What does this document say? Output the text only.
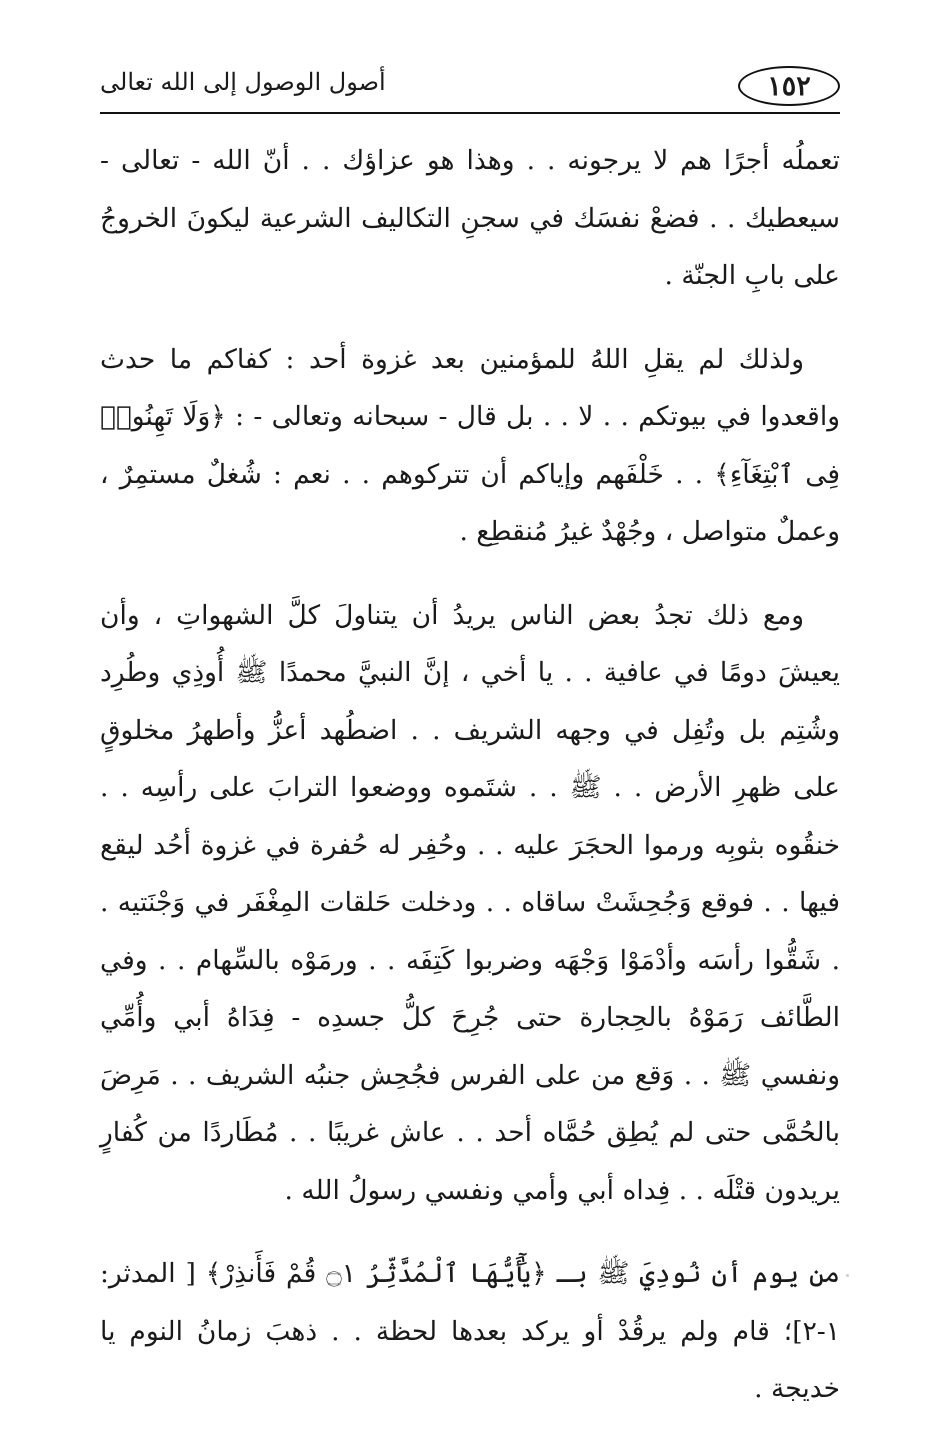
١٥٢
أصول الوصول إلى الله تعالى

تعملُه أجرًا هم لا يرجونه . . وهذا هو عزاؤك . . أنّ الله - تعالى - سيعطيك . . فضعْ نفسَك في سجنِ التكاليف الشرعية ليكونَ الخروجُ على بابِ الجنّة .

ولذلك لم يقلِ اللهُ للمؤمنين بعد غزوة أحد : كفاكم ما حدث واقعدوا في بيوتكم . . لا . . بل قال - سبحانه وتعالى - : ﴿وَلَا تَهِنُوا۟ فِى ٱبْتِغَآءِ﴾ . . خَلْفَهم وإياكم أن تتركوهم . . نعم : شُغلٌ مستمِرٌ ، وعملٌ متواصل ، وجُهْدٌ غيرُ مُنقطِع .

ومع ذلك تجدُ بعض الناس يريدُ أن يتناولَ كلَّ الشهواتِ ، وأن يعيشَ دومًا في عافية . . يا أخي ، إنَّ النبيَّ محمدًا ﷺ أُوذِي وطُرِد وشُتِم بل وتُفِل في وجهه الشريف . . اضطُهد أعزُّ وأطهرُ مخلوقٍ على ظهرِ الأرض . . ﷺ . . شتَموه ووضعوا الترابَ على رأسِه . . خنقُوه بثوبِه ورموا الحجَرَ عليه . . وحُفِر له حُفرة في غزوة أحُد ليقع فيها . . فوقع وَجُحِشَتْ ساقاه . . ودخلت حَلقات المِغْفَر في وَجْنَتيه . . شَقُّوا رأسَه وأدْمَوْا وَجْهَه وضربوا كَتِفَه . . ورمَوْه بالسِّهام . . وفي الطَّائف رَمَوْهُ بالحِجارة حتى جُرِحَ كلُّ جسدِه - فِدَاهُ أبي وأُمِّي ونفسي ﷺ . . وَقع من على الفرس فجُحِش جنبُه الشريف . . مَرِضَ بالحُمَّى حتى لم يُطِق حُمَّاه أحد . . عاش غريبًا . . مُطَاردًا من كُفارٍ يريدون قتْلَه . . فِداه أبي وأمي ونفسي رسولُ الله .

من يوم أن نُودِيَ ﷺ بـ ﴿يَٰٓأَيُّهَا ٱلْمُدَّثِّرُ ۝١ قُمْ فَأَنذِرْ﴾ [ المدثر: ١-٢]؛ قام ولم يرقُدْ أو يركد بعدها لحظة . . ذهبَ زمانُ النوم يا خديجة .
